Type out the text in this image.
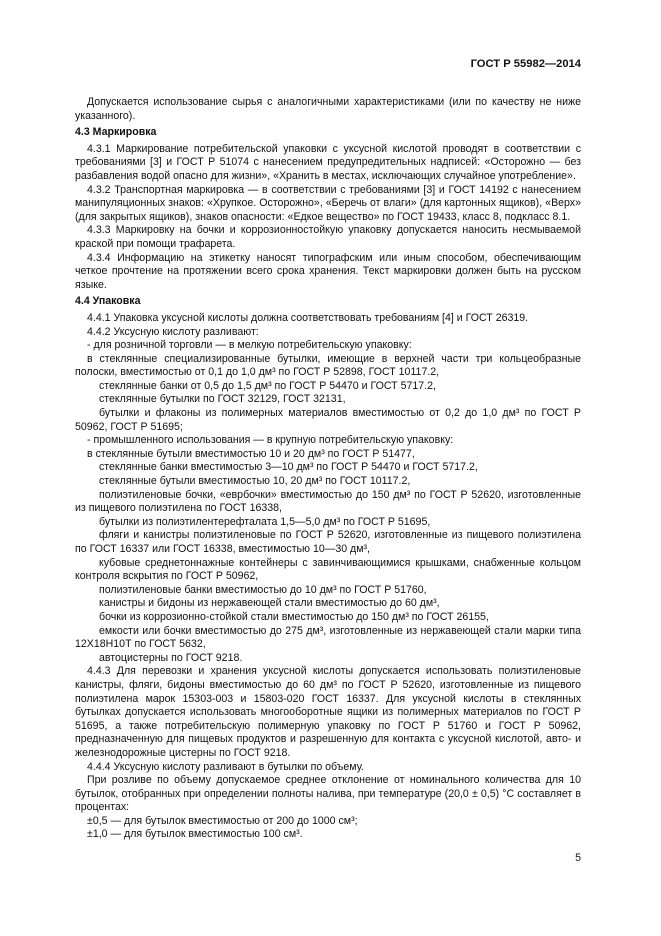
ГОСТ Р 55982—2014

Допускается использование сырья с аналогичными характеристиками (или по качеству не ниже указанного).

4.3 Маркировка

4.3.1 Маркирование потребительской упаковки с уксусной кислотой проводят в соответствии с требованиями [3] и ГОСТ Р 51074 с нанесением предупредительных надписей: «Осторожно — без разбавления водой опасно для жизни», «Хранить в местах, исключающих случайное употребление».

4.3.2 Транспортная маркировка — в соответствии с требованиями [3] и ГОСТ 14192 с нанесением манипуляционных знаков: «Хрупкое. Осторожно», «Беречь от влаги» (для картонных ящиков), «Верх» (для закрытых ящиков), знаков опасности: «Едкое вещество» по ГОСТ 19433, класс 8, подкласс 8.1.

4.3.3 Маркировку на бочки и коррозионностойкую упаковку допускается наносить несмываемой краской при помощи трафарета.

4.3.4 Информацию на этикетку наносят типографским или иным способом, обеспечивающим четкое прочтение на протяжении всего срока хранения. Текст маркировки должен быть на русском языке.

4.4 Упаковка

4.4.1 Упаковка уксусной кислоты должна соответствовать требованиям [4] и ГОСТ 26319.

4.4.2 Уксусную кислоту разливают:

- для розничной торговли — в мелкую потребительскую упаковку:

в стеклянные специализированные бутылки, имеющие в верхней части три кольцеобразные полоски, вместимостью от 0,1 до 1,0 дм³ по ГОСТ Р 52898, ГОСТ 10117.2,

стеклянные банки от 0,5 до 1,5 дм³ по ГОСТ Р 54470 и ГОСТ 5717.2,

стеклянные бутылки по ГОСТ 32129, ГОСТ 32131,

бутылки и флаконы из полимерных материалов вместимостью от 0,2 до 1,0 дм³ по ГОСТ Р 50962, ГОСТ Р 51695;

- промышленного использования — в крупную потребительскую упаковку:

в стеклянные бутыли вместимостью 10 и 20 дм³ по ГОСТ Р 51477,

стеклянные банки вместимостью 3—10 дм³ по ГОСТ Р 54470 и ГОСТ 5717.2,

стеклянные бутыли вместимостью 10, 20 дм³ по ГОСТ 10117.2,

полиэтиленовые бочки, «еврбочки» вместимостью до 150 дм³ по ГОСТ Р 52620, изготовленные из пищевого полиэтилена по ГОСТ 16338,

бутылки из полиэтилентерефталата 1,5—5,0 дм³ по ГОСТ Р 51695,

фляги и канистры полиэтиленовые по ГОСТ Р 52620, изготовленные из пищевого полиэтилена по ГОСТ 16337 или ГОСТ 16338, вместимостью 10—30 дм³,

кубовые среднетоннажные контейнеры с завинчивающимися крышками, снабженные кольцом контроля вскрытия по ГОСТ Р 50962,

полиэтиленовые банки вместимостью до 10 дм³ по ГОСТ Р 51760,

канистры и бидоны из нержавеющей стали вместимостью до 60 дм³,

бочки из коррозионно-стойкой стали вместимостью до 150 дм³ по ГОСТ 26155,

емкости или бочки вместимостью до 275 дм³, изготовленные из нержавеющей стали марки типа 12Х18Н10Т по ГОСТ 5632,

автоцистерны по ГОСТ 9218.

4.4.3 Для перевозки и хранения уксусной кислоты допускается использовать полиэтиленовые канистры, фляги, бидоны вместимостью до 60 дм³ по ГОСТ Р 52620, изготовленные из пищевого полиэтилена марок 15303-003 и 15803-020 ГОСТ 16337. Для уксусной кислоты в стеклянных бутылках допускается использовать многооборотные ящики из полимерных материалов по ГОСТ Р 51695, а также потребительскую полимерную упаковку по ГОСТ Р 51760 и ГОСТ Р 50962, предназначенную для пищевых продуктов и разрешенную для контакта с уксусной кислотой, авто- и железнодорожные цистерны по ГОСТ 9218.

4.4.4 Уксусную кислоту разливают в бутылки по объему.

При розливе по объему допускаемое среднее отклонение от номинального количества для 10 бутылок, отобранных при определении полноты налива, при температуре (20,0 ± 0,5) °С составляет в процентах:

±0,5 — для бутылок вместимостью от 200 до 1000 см³;

±1,0 — для бутылок вместимостью 100 см³.

5
